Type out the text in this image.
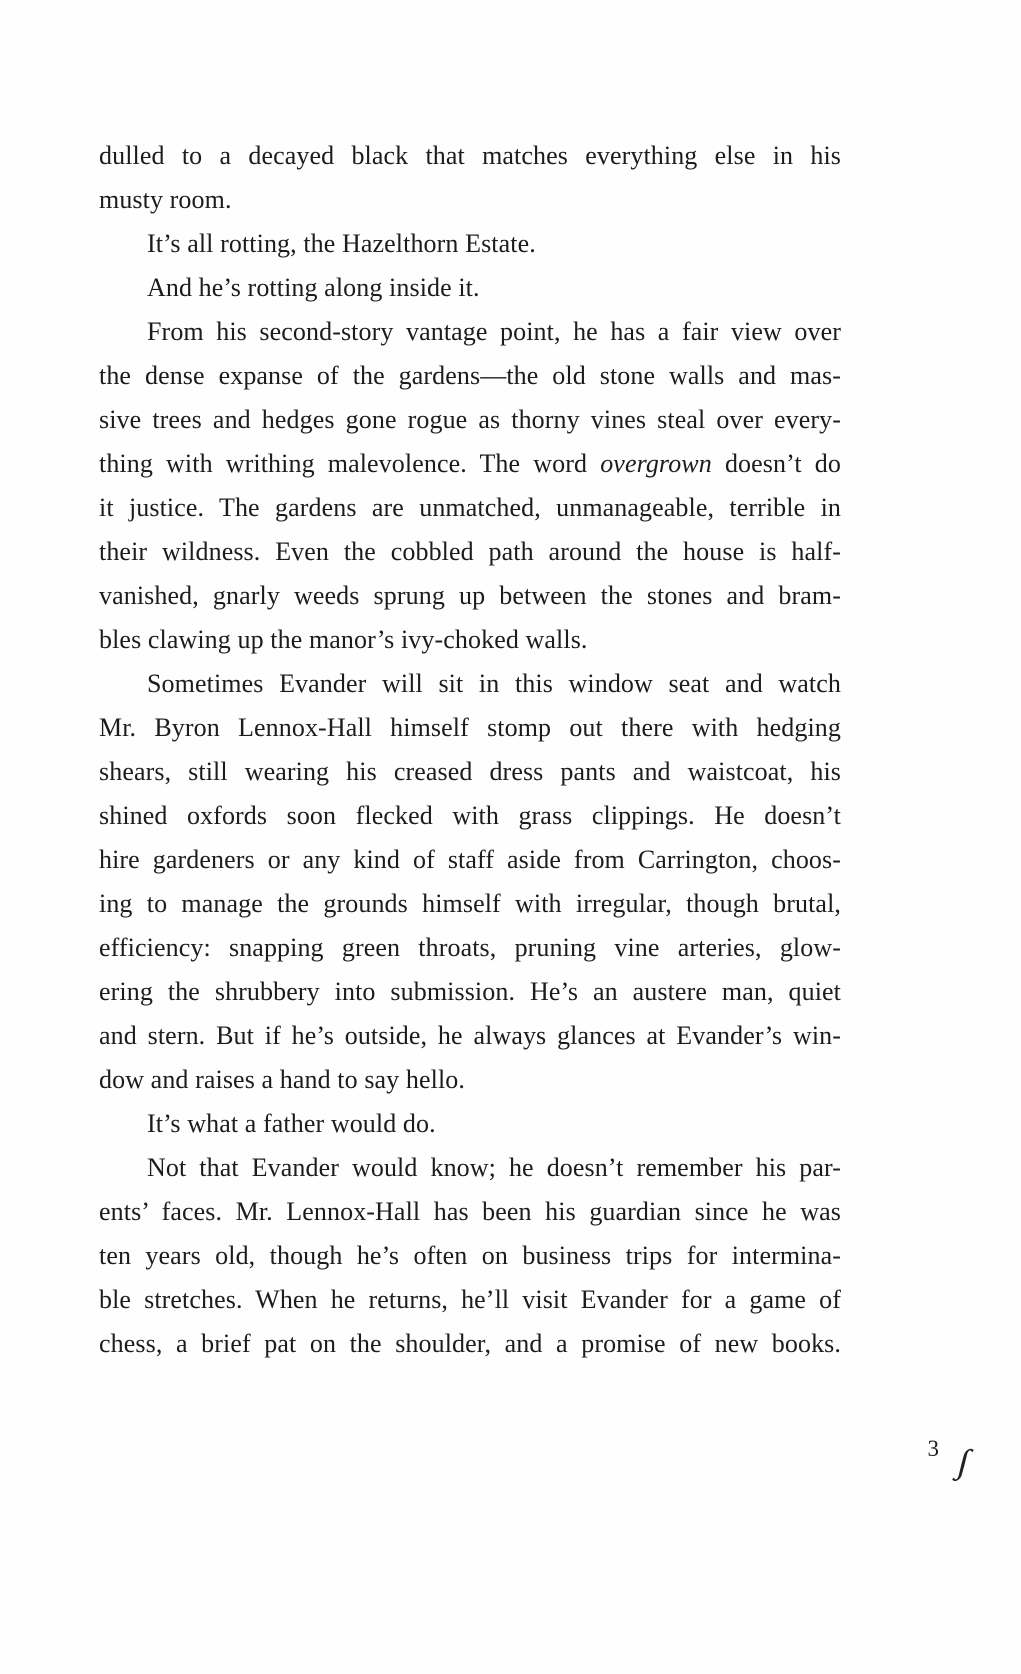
dulled to a decayed black that matches everything else in his
musty room.
It’s all rotting, the Hazelthorn Estate.
And he’s rotting along inside it.
From his second-story vantage point, he has a fair view over
the dense expanse of the gardens—the old stone walls and mas-
sive trees and hedges gone rogue as thorny vines steal over every-
thing with writhing malevolence. The word overgrown doesn’t do
it justice. The gardens are unmatched, unmanageable, terrible in
their wildness. Even the cobbled path around the house is half-
vanished, gnarly weeds sprung up between the stones and bram-
bles clawing up the manor’s ivy-choked walls.
Sometimes Evander will sit in this window seat and watch
Mr. Byron Lennox-Hall himself stomp out there with hedging
shears, still wearing his creased dress pants and waistcoat, his
shined oxfords soon flecked with grass clippings. He doesn’t
hire gardeners or any kind of staff aside from Carrington, choos-
ing to manage the grounds himself with irregular, though brutal,
efficiency: snapping green throats, pruning vine arteries, glow-
ering the shrubbery into submission. He’s an austere man, quiet
and stern. But if he’s outside, he always glances at Evander’s win-
dow and raises a hand to say hello.
It’s what a father would do.
Not that Evander would know; he doesn’t remember his par-
ents’ faces. Mr. Lennox-Hall has been his guardian since he was
ten years old, though he’s often on business trips for intermina-
ble stretches. When he returns, he’ll visit Evander for a game of
chess, a brief pat on the shoulder, and a promise of new books.
3 ∫
